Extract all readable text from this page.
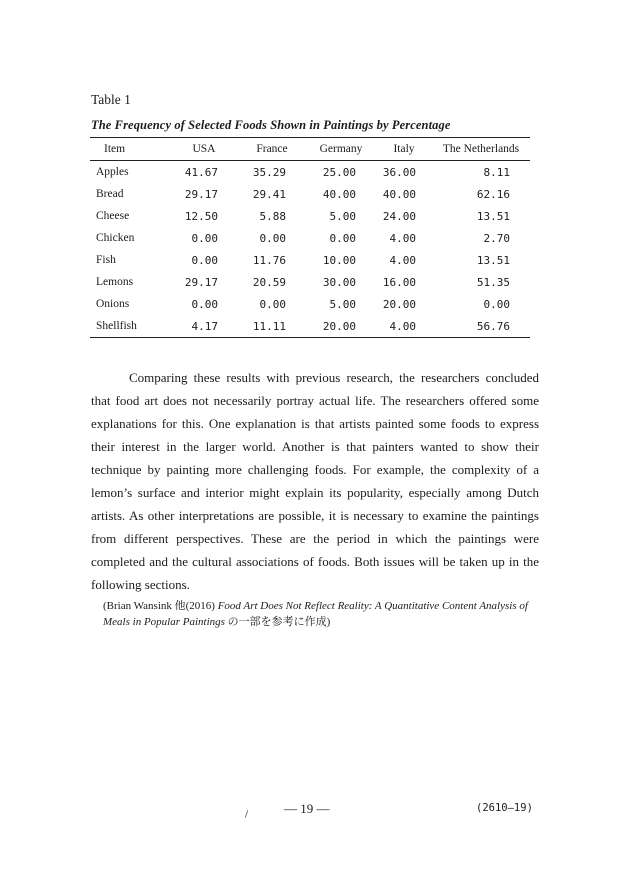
Table 1
The Frequency of Selected Foods Shown in Paintings by Percentage
Item	USA	France	Germany	Italy	The Netherlands
Apples	41.67	35.29	25.00	36.00	8.11
Bread	29.17	29.41	40.00	40.00	62.16
Cheese	12.50	5.88	5.00	24.00	13.51
Chicken	0.00	0.00	0.00	4.00	2.70
Fish	0.00	11.76	10.00	4.00	13.51
Lemons	29.17	20.59	30.00	16.00	51.35
Onions	0.00	0.00	5.00	20.00	0.00
Shellfish	4.17	11.11	20.00	4.00	56.76

Comparing these results with previous research, the researchers concluded that food art does not necessarily portray actual life. The researchers offered some explanations for this. One explanation is that artists painted some foods to express their interest in the larger world. Another is that painters wanted to show their technique by painting more challenging foods. For example, the complexity of a lemon’s surface and interior might explain its popularity, especially among Dutch artists. As other interpretations are possible, it is necessary to examine the paintings from different perspectives. These are the period in which the paintings were completed and the cultural associations of foods. Both issues will be taken up in the following sections.

(Brian Wansink 他(2016) Food Art Does Not Reflect Reality: A Quantitative Content Analysis of Meals in Popular Paintings の一部を参考に作成)

— 19 —	(2610—19)
